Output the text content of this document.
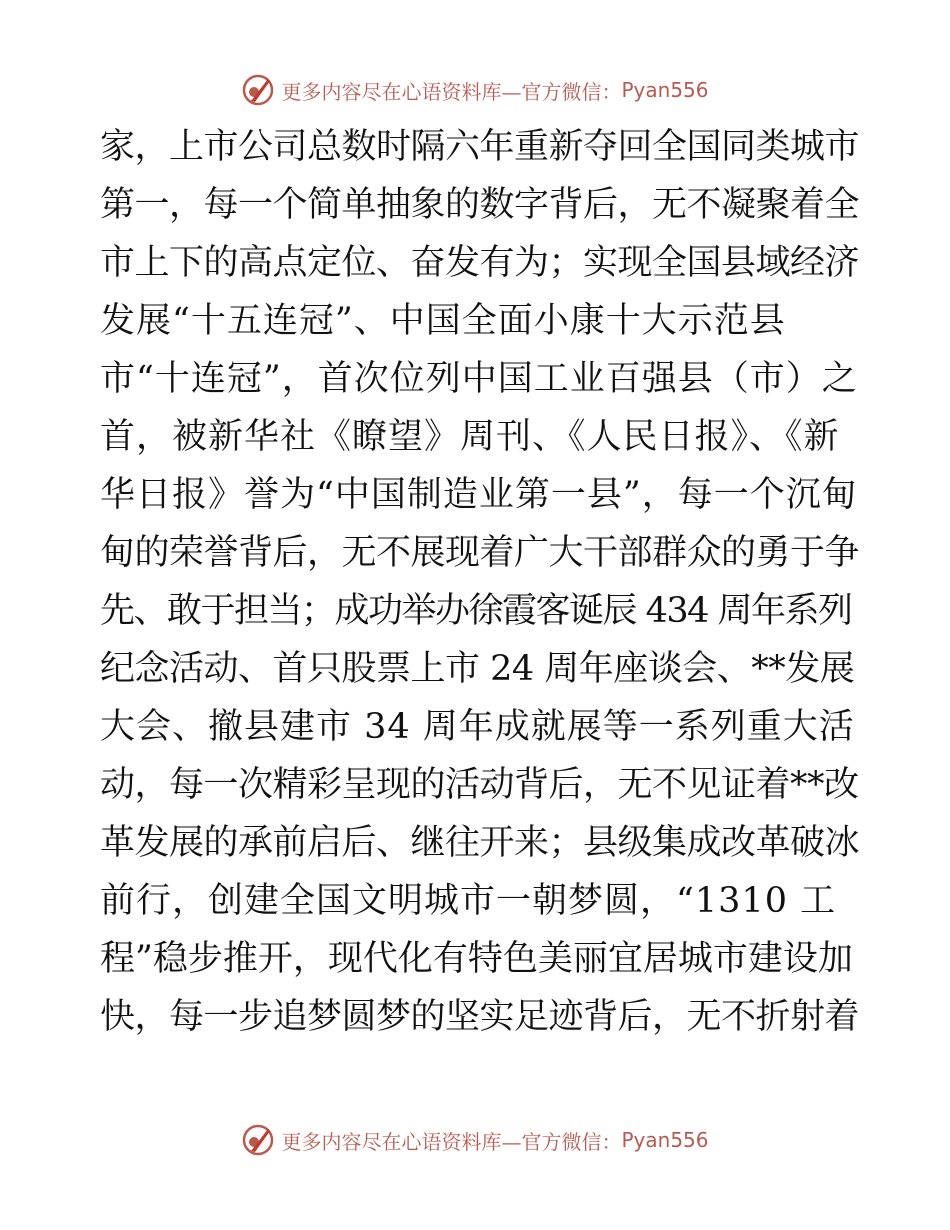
更多内容尽在心语资料库—官方微信： Pyan556
家，上市公司总数时隔六年重新夺回全国同类城市
第一，每一个简单抽象的数字背后，无不凝聚着全
市上下的高点定位、奋发有为；实现全国县域经济
发展“十五连冠”、中国全面小康十大示范县
市“十连冠”，首次位列中国工业百强县（市）之
首，被新华社《瞭望》周刊、《人民日报》、《新
华日报》誉为“中国制造业第一县”，每一个沉甸
甸的荣誉背后，无不展现着广大干部群众的勇于争
先、敢于担当；成功举办徐霞客诞辰 434 周年系列
纪念活动、首只股票上市 24 周年座谈会、**发展
大会、撤县建市 34 周年成就展等一系列重大活
动，每一次精彩呈现的活动背后，无不见证着**改
革发展的承前启后、继往开来；县级集成改革破冰
前行，创建全国文明城市一朝梦圆，“1310 工
程”稳步推开，现代化有特色美丽宜居城市建设加
快，每一步追梦圆梦的坚实足迹背后，无不折射着
更多内容尽在心语资料库—官方微信： Pyan556
